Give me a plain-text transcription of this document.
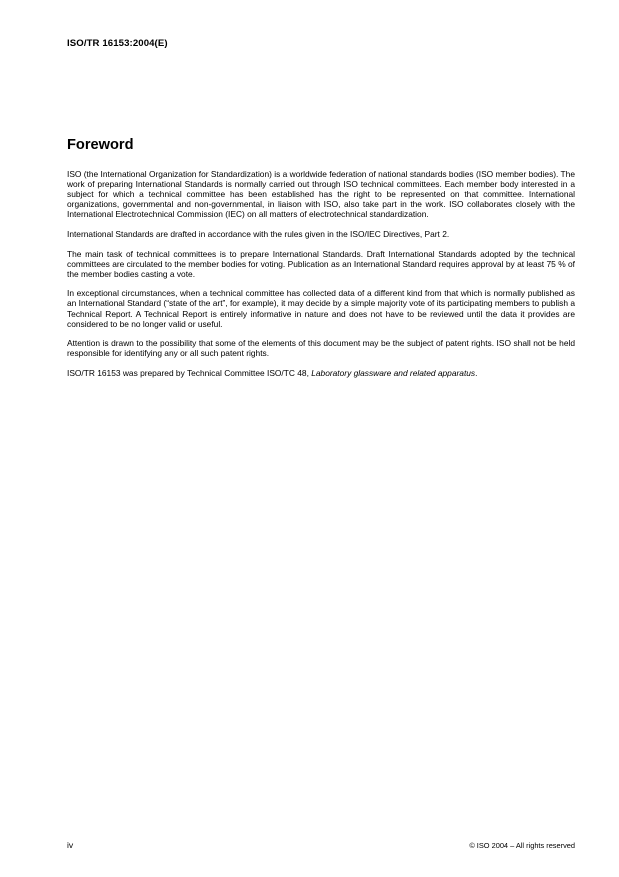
ISO/TR 16153:2004(E)
Foreword

ISO (the International Organization for Standardization) is a worldwide federation of national standards bodies (ISO member bodies). The work of preparing International Standards is normally carried out through ISO technical committees. Each member body interested in a subject for which a technical committee has been established has the right to be represented on that committee. International organizations, governmental and non-governmental, in liaison with ISO, also take part in the work. ISO collaborates closely with the International Electrotechnical Commission (IEC) on all matters of electrotechnical standardization.

International Standards are drafted in accordance with the rules given in the ISO/IEC Directives, Part 2.

The main task of technical committees is to prepare International Standards. Draft International Standards adopted by the technical committees are circulated to the member bodies for voting. Publication as an International Standard requires approval by at least 75 % of the member bodies casting a vote.

In exceptional circumstances, when a technical committee has collected data of a different kind from that which is normally published as an International Standard (“state of the art”, for example), it may decide by a simple majority vote of its participating members to publish a Technical Report. A Technical Report is entirely informative in nature and does not have to be reviewed until the data it provides are considered to be no longer valid or useful.

Attention is drawn to the possibility that some of the elements of this document may be the subject of patent rights. ISO shall not be held responsible for identifying any or all such patent rights.

ISO/TR 16153 was prepared by Technical Committee ISO/TC 48, Laboratory glassware and related apparatus.

iv	© ISO 2004 – All rights reserved
